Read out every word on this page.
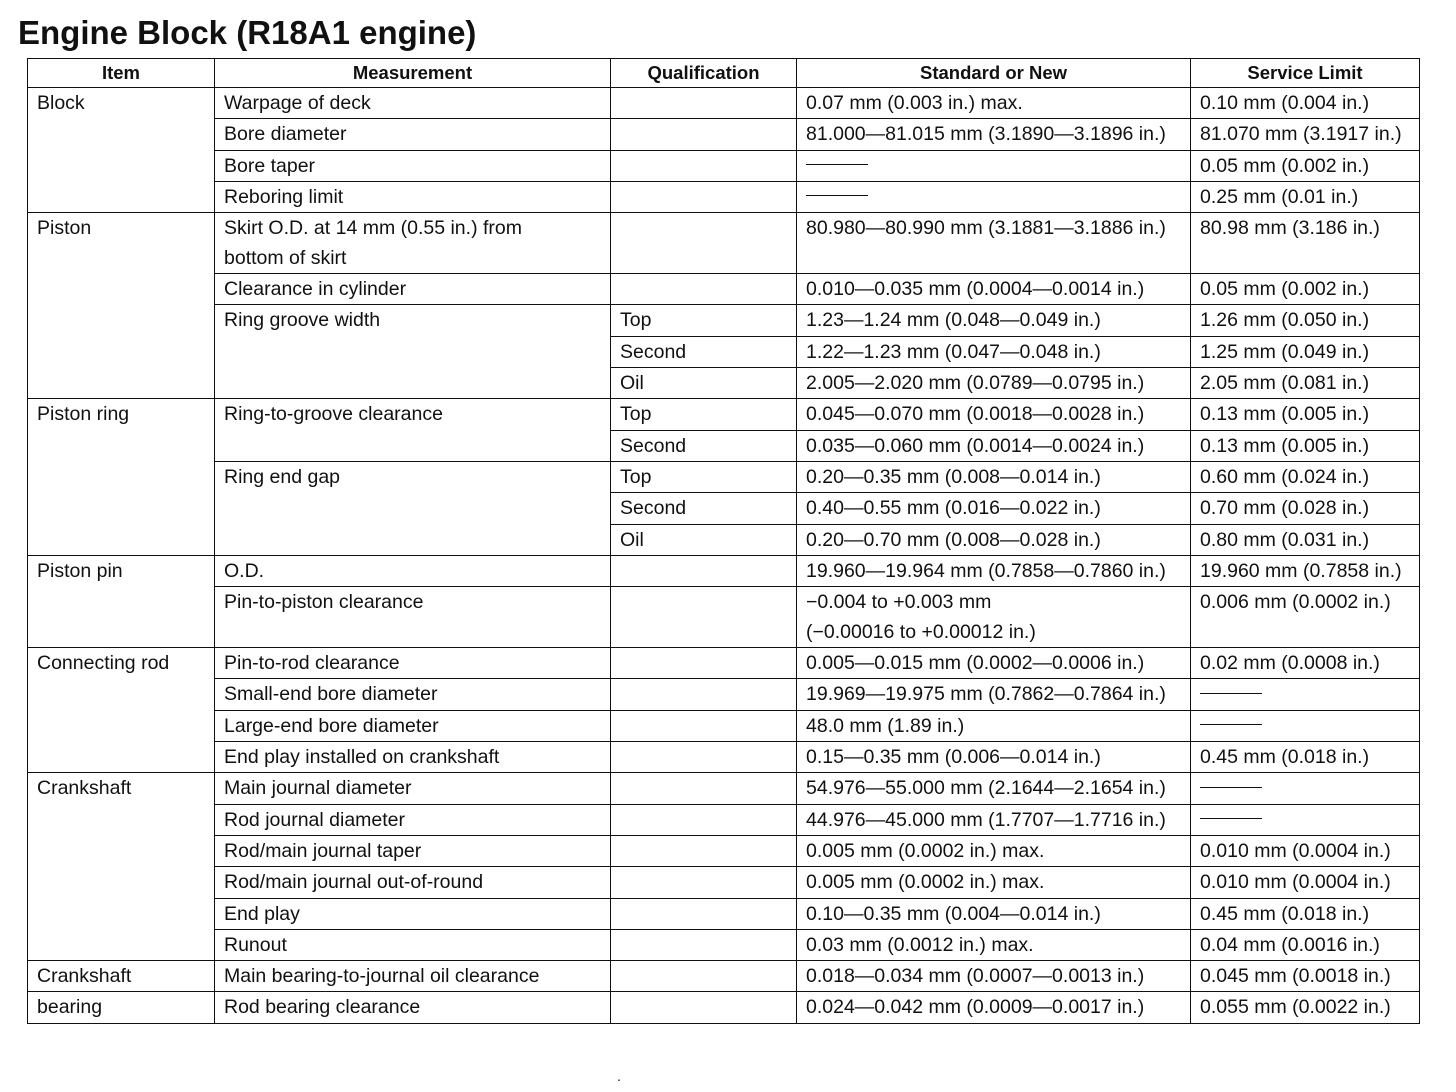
Engine Block (R18A1 engine)
Item	Measurement	Qualification	Standard or New	Service Limit
Block	Warpage of deck		0.07 mm (0.003 in.) max.	0.10 mm (0.004 in.)
	Bore diameter		81.000—81.015 mm (3.1890—3.1896 in.)	81.070 mm (3.1917 in.)
	Bore taper			0.05 mm (0.002 in.)
	Reboring limit			0.25 mm (0.01 in.)
Piston	Skirt O.D. at 14 mm (0.55 in.) from
bottom of skirt		80.980—80.990 mm (3.1881—3.1886 in.)	80.98 mm (3.186 in.)
	Clearance in cylinder		0.010—0.035 mm (0.0004—0.0014 in.)	0.05 mm (0.002 in.)
	Ring groove width	Top	1.23—1.24 mm (0.048—0.049 in.)	1.26 mm (0.050 in.)
		Second	1.22—1.23 mm (0.047—0.048 in.)	1.25 mm (0.049 in.)
		Oil	2.005—2.020 mm (0.0789—0.0795 in.)	2.05 mm (0.081 in.)
Piston ring	Ring-to-groove clearance	Top	0.045—0.070 mm (0.0018—0.0028 in.)	0.13 mm (0.005 in.)
		Second	0.035—0.060 mm (0.0014—0.0024 in.)	0.13 mm (0.005 in.)
	Ring end gap	Top	0.20—0.35 mm (0.008—0.014 in.)	0.60 mm (0.024 in.)
		Second	0.40—0.55 mm (0.016—0.022 in.)	0.70 mm (0.028 in.)
		Oil	0.20—0.70 mm (0.008—0.028 in.)	0.80 mm (0.031 in.)
Piston pin	O.D.		19.960—19.964 mm (0.7858—0.7860 in.)	19.960 mm (0.7858 in.)
	Pin-to-piston clearance		−0.004 to +0.003 mm
(−0.00016 to +0.00012 in.)	0.006 mm (0.0002 in.)
Connecting rod	Pin-to-rod clearance		0.005—0.015 mm (0.0002—0.0006 in.)	0.02 mm (0.0008 in.)
	Small-end bore diameter		19.969—19.975 mm (0.7862—0.7864 in.)	
	Large-end bore diameter		48.0 mm (1.89 in.)	
	End play installed on crankshaft		0.15—0.35 mm (0.006—0.014 in.)	0.45 mm (0.018 in.)
Crankshaft	Main journal diameter		54.976—55.000 mm (2.1644—2.1654 in.)	
	Rod journal diameter		44.976—45.000 mm (1.7707—1.7716 in.)	
	Rod/main journal taper		0.005 mm (0.0002 in.) max.	0.010 mm (0.0004 in.)
	Rod/main journal out-of-round		0.005 mm (0.0002 in.) max.	0.010 mm (0.0004 in.)
	End play		0.10—0.35 mm (0.004—0.014 in.)	0.45 mm (0.018 in.)
	Runout		0.03 mm (0.0012 in.) max.	0.04 mm (0.0016 in.)
Crankshaft	Main bearing-to-journal oil clearance		0.018—0.034 mm (0.0007—0.0013 in.)	0.045 mm (0.0018 in.)
bearing	Rod bearing clearance		0.024—0.042 mm (0.0009—0.0017 in.)	0.055 mm (0.0022 in.)
.
